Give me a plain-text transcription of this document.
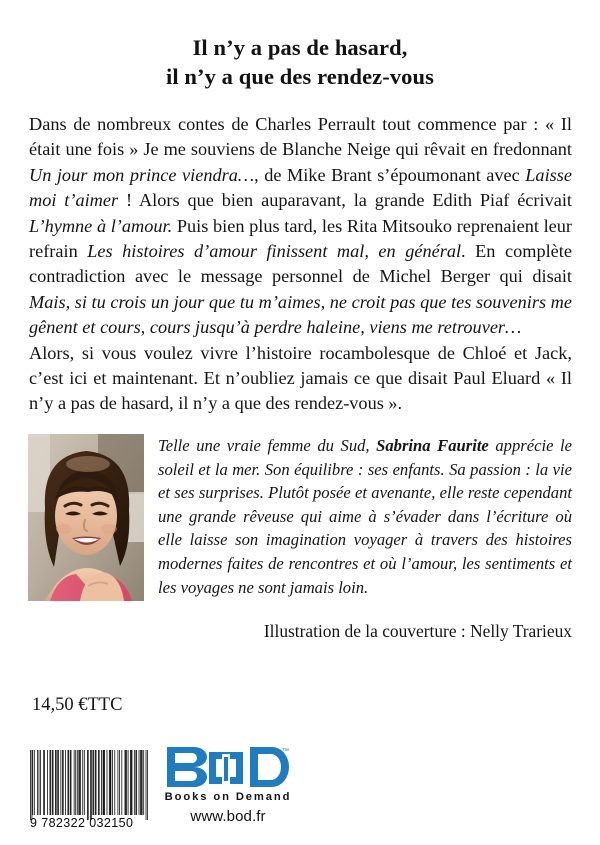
Il n’y a pas de hasard,
il n’y a que des rendez-vous

Dans de nombreux contes de Charles Perrault tout commence par : « Il était une fois » Je me souviens de Blanche Neige qui rêvait en fredonnant Un jour mon prince viendra…, de Mike Brant s’époumonant avec Laisse moi t’aimer ! Alors que bien auparavant, la grande Edith Piaf écrivait L’hymne à l’amour. Puis bien plus tard, les Rita Mitsouko reprenaient leur refrain Les histoires d’amour finissent mal, en général. En complète contradiction avec le message personnel de Michel Berger qui disait Mais, si tu crois un jour que tu m’aimes, ne croit pas que tes souvenirs me gênent et cours, cours jusqu’à perdre haleine, viens me retrouver…

Alors, si vous voulez vivre l’histoire rocambolesque de Chloé et Jack, c’est ici et maintenant. Et n’oubliez jamais ce que disait Paul Eluard « Il n’y a pas de hasard, il n’y a que des rendez-vous ».

Telle une vraie femme du Sud, Sabrina Faurite apprécie le soleil et la mer. Son équilibre : ses enfants. Sa passion : la vie et ses surprises. Plutôt posée et avenante, elle reste cependant une grande rêveuse qui aime à s’évader dans l’écriture où elle laisse son imagination voyager à travers des histoires modernes faites de rencontres et où l’amour, les sentiments et les voyages ne sont jamais loin.
Illustration de la couverture : Nelly Trarieux
14,50 €TTC
9 782322 032150
™
Books on Demand
www.bod.fr
